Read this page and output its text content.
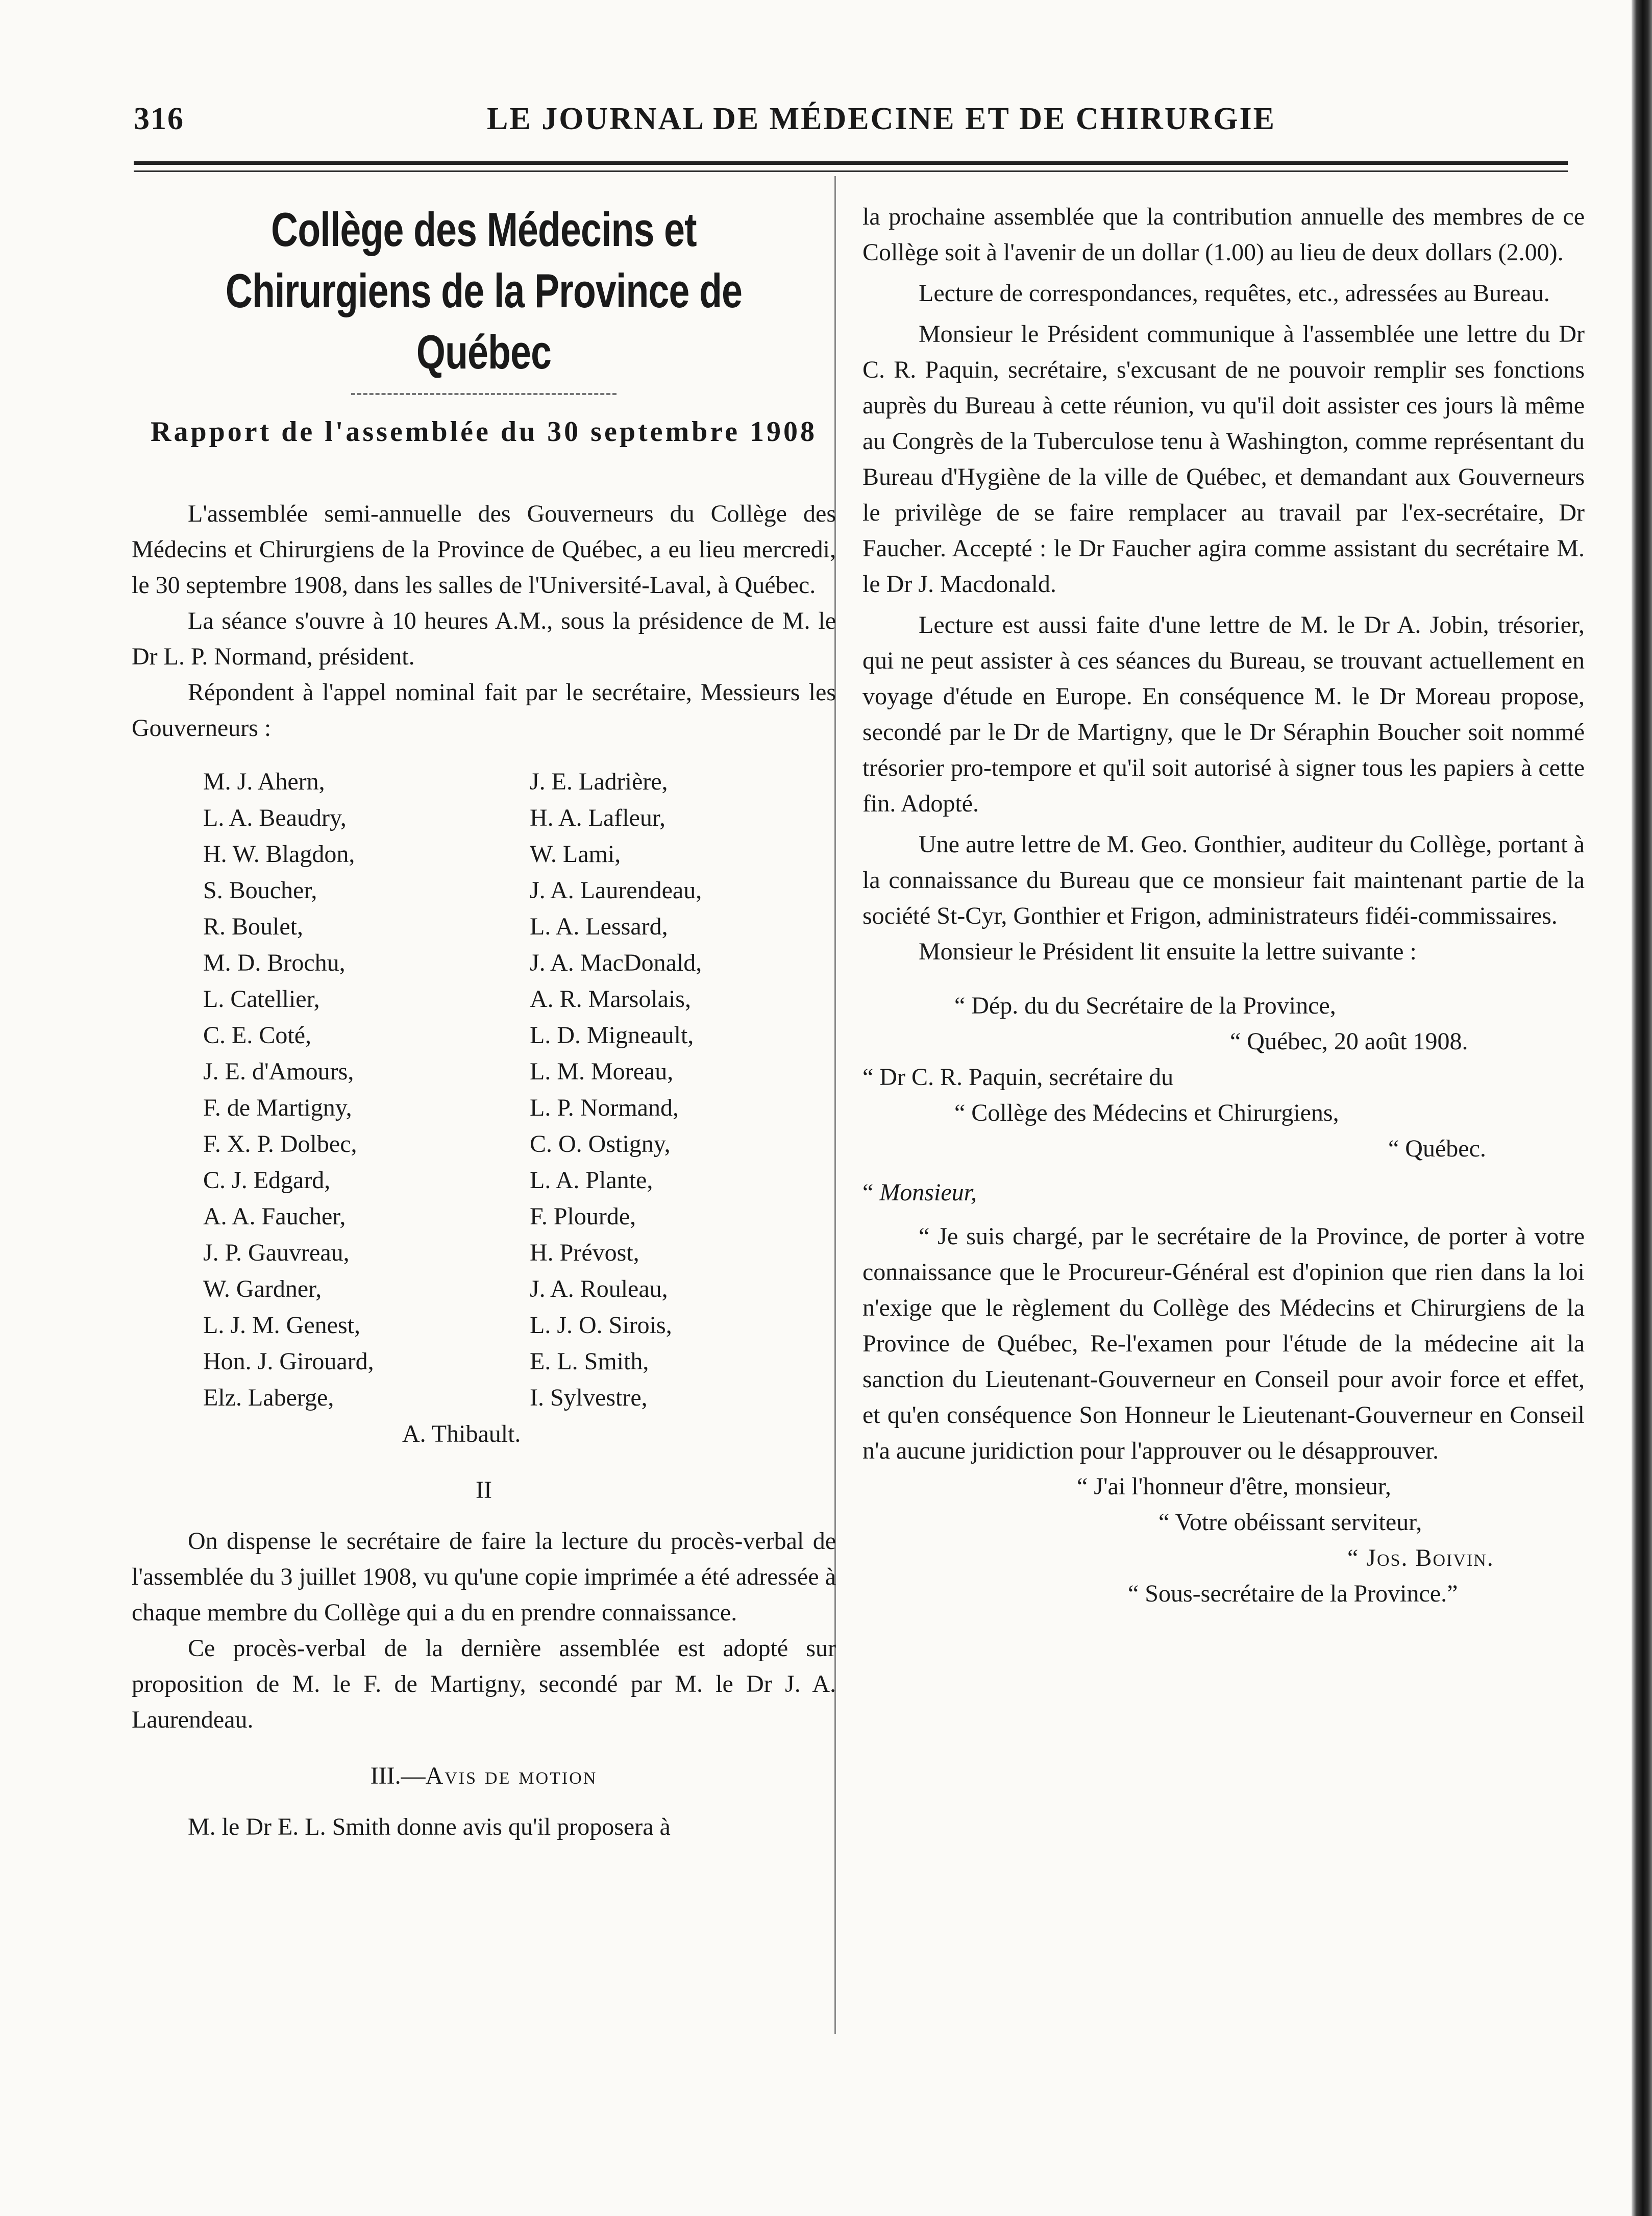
316	LE JOURNAL DE MÉDECINE ET DE CHIRURGIE
Collège des Médecins et Chirurgiens de la Province de Québec
Rapport de l'assemblée du 30 septembre 1908

L'assemblée semi-annuelle des Gouverneurs du Collège des Médecins et Chirurgiens de la Province de Québec, a eu lieu mercredi, le 30 septembre 1908, dans les salles de l'Université-Laval, à Québec.

La séance s'ouvre à 10 heures A.M., sous la présidence de M. le Dr L. P. Normand, président.

Répondent à l'appel nominal fait par le secrétaire, Messieurs les Gouverneurs :

M. J. Ahern,	J. E. Ladrière,
L. A. Beaudry,	H. A. Lafleur,
H. W. Blagdon,	W. Lami,
S. Boucher,	J. A. Laurendeau,
R. Boulet,	L. A. Lessard,
M. D. Brochu,	J. A. MacDonald,
L. Catellier,	A. R. Marsolais,
C. E. Coté,	L. D. Migneault,
J. E. d'Amours,	L. M. Moreau,
F. de Martigny,	L. P. Normand,
F. X. P. Dolbec,	C. O. Ostigny,
C. J. Edgard,	L. A. Plante,
A. A. Faucher,	F. Plourde,
J. P. Gauvreau,	H. Prévost,
W. Gardner,	J. A. Rouleau,
L. J. M. Genest,	L. J. O. Sirois,
Hon. J. Girouard,	E. L. Smith,
Elz. Laberge,	I. Sylvestre,
A. Thibault.
II

On dispense le secrétaire de faire la lecture du procès-verbal de l'assemblée du 3 juillet 1908, vu qu'une copie imprimée a été adressée à chaque membre du Collège qui a du en prendre connaissance.

Ce procès-verbal de la dernière assemblée est adopté sur proposition de M. le F. de Martigny, secondé par M. le Dr J. A. Laurendeau.

III.—Avis de motion

M. le Dr E. L. Smith donne avis qu'il proposera à

la prochaine assemblée que la contribution annuelle des membres de ce Collège soit à l'avenir de un dollar (1.00) au lieu de deux dollars (2.00).

Lecture de correspondances, requêtes, etc., adressées au Bureau.

Monsieur le Président communique à l'assemblée une lettre du Dr C. R. Paquin, secrétaire, s'excusant de ne pouvoir remplir ses fonctions auprès du Bureau à cette réunion, vu qu'il doit assister ces jours là même au Congrès de la Tuberculose tenu à Washington, comme représentant du Bureau d'Hygiène de la ville de Québec, et demandant aux Gouverneurs le privilège de se faire remplacer au travail par l'ex-secrétaire, Dr Faucher. Accepté : le Dr Faucher agira comme assistant du secrétaire M. le Dr J. Macdonald.

Lecture est aussi faite d'une lettre de M. le Dr A. Jobin, trésorier, qui ne peut assister à ces séances du Bureau, se trouvant actuellement en voyage d'étude en Europe. En conséquence M. le Dr Moreau propose, secondé par le Dr de Martigny, que le Dr Séraphin Boucher soit nommé trésorier pro-tempore et qu'il soit autorisé à signer tous les papiers à cette fin. Adopté.

Une autre lettre de M. Geo. Gonthier, auditeur du Collège, portant à la connaissance du Bureau que ce monsieur fait maintenant partie de la société St-Cyr, Gonthier et Frigon, administrateurs fidéi-commissaires.

Monsieur le Président lit ensuite la lettre suivante :

“ Dép. du du Secrétaire de la Province,
“ Québec, 20 août 1908.
“ Dr C. R. Paquin, secrétaire du
“ Collège des Médecins et Chirurgiens,
“ Québec.
“ Monsieur,

“ Je suis chargé, par le secrétaire de la Province, de porter à votre connaissance que le Procureur-Général est d'opinion que rien dans la loi n'exige que le règlement du Collège des Médecins et Chirurgiens de la Province de Québec, Re-l'examen pour l'étude de la médecine ait la sanction du Lieutenant-Gouverneur en Conseil pour avoir force et effet, et qu'en conséquence Son Honneur le Lieutenant-Gouverneur en Conseil n'a aucune juridiction pour l'approuver ou le désapprouver.

“ J'ai l'honneur d'être, monsieur,
“ Votre obéissant serviteur,
“ Jos. Boivin.
“ Sous-secrétaire de la Province.”
